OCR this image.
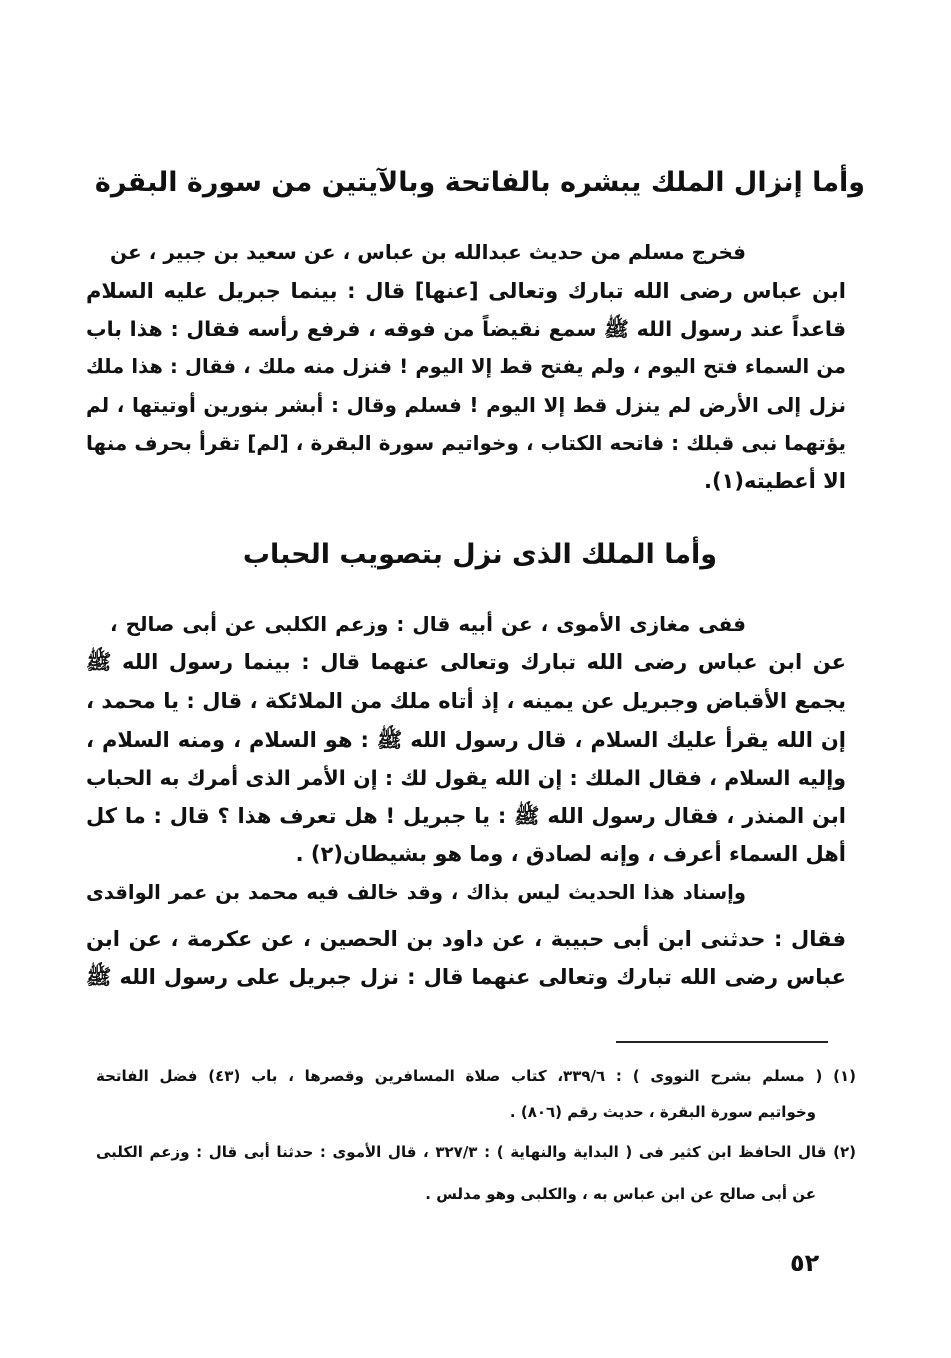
وأما إنزال الملك يبشره بالفاتحة وبالآيتين من سورة البقرة
فخرج مسلم من حديث عبدالله بن عباس ، عن سعيد بن جبير ، عن
ابن عباس رضى الله تبارك وتعالى [عنها] قال : بينما جبريل عليه السلام
قاعداً عند رسول الله ﷺ سمع نقيضاً من فوقه ، فرفع رأسه فقال : هذا باب
من السماء فتح اليوم ، ولم يفتح قط إلا اليوم ! فنزل منه ملك ، فقال : هذا ملك
نزل إلى الأرض لم ينزل قط إلا اليوم ! فسلم وقال : أبشر بنورين أوتيتها ، لم
يؤتهما نبى قبلك : فاتحه الكتاب ، وخواتيم سورة البقرة ، [لم] تقرأ بحرف منها
الا أعطيته(١).
وأما الملك الذى نزل بتصويب الحباب
ففى مغازى الأموى ، عن أبيه قال : وزعم الكلبى عن أبى صالح ،
عن ابن عباس رضى الله تبارك وتعالى عنهما قال : بينما رسول الله ﷺ
يجمع الأقباض وجبريل عن يمينه ، إذ أتاه ملك من الملائكة ، قال : يا محمد ،
إن الله يقرأ عليك السلام ، قال رسول الله ﷺ : هو السلام ، ومنه السلام ،
وإليه السلام ، فقال الملك : إن الله يقول لك : إن الأمر الذى أمرك به الحباب
ابن المنذر ، فقال رسول الله ﷺ : يا جبريل ! هل تعرف هذا ؟ قال : ما كل
أهل السماء أعرف ، وإنه لصادق ، وما هو بشيطان(٢) .
وإسناد هذا الحديث ليس بذاك ، وقد خالف فيه محمد بن عمر الواقدى
فقال : حدثنى ابن أبى حبيبة ، عن داود بن الحصين ، عن عكرمة ، عن ابن
عباس رضى الله تبارك وتعالى عنهما قال : نزل جبريل على رسول الله ﷺ
(١) ( مسلم بشرح النووى ) : ٣٣٩/٦، كتاب صلاة المسافرين وقصرها ، باب (٤٣) فضل الفاتحة
وخواتيم سورة البقرة ، حديث رقم (٨٠٦) .
(٢) قال الحافظ ابن كثير فى ( البداية والنهاية ) : ٣٢٧/٣ ، قال الأموى : حدثنا أبى قال : وزعم الكلبى
عن أبى صالح عن ابن عباس به ، والكلبى وهو مدلس .
٥٢
